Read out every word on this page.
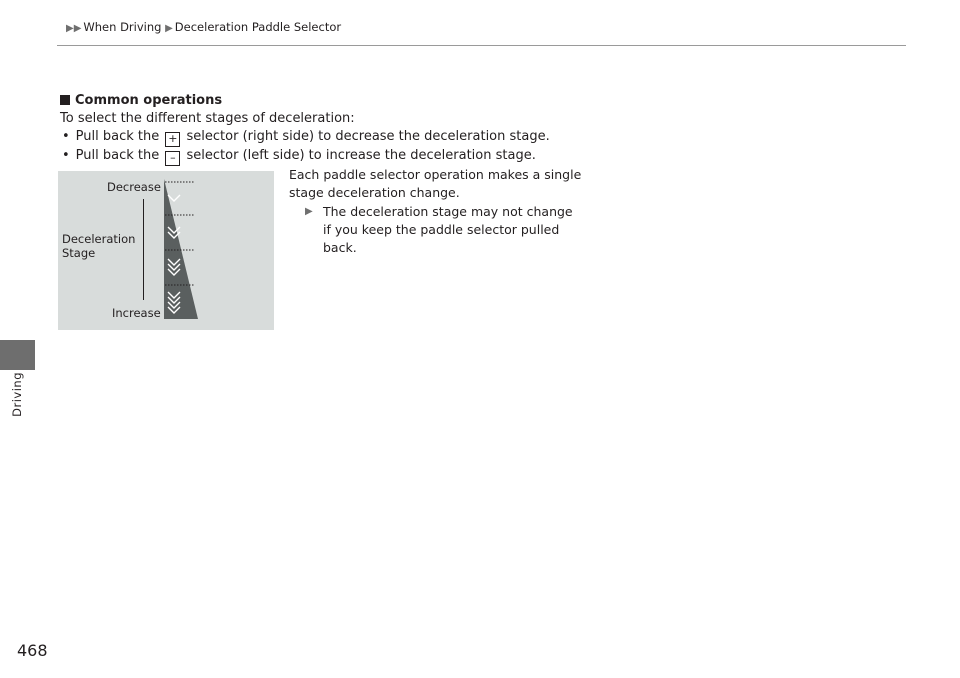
▶▶ When Driving ▶ Deceleration Paddle Selector
Driving
468
Common operations
To select the different stages of deceleration:
• Pull back the + selector (right side) to decrease the deceleration stage.
• Pull back the – selector (left side) to increase the deceleration stage.
Decrease
Deceleration Stage
Increase
Each paddle selector operation makes a single stage deceleration change.
▶ The deceleration stage may not change if you keep the paddle selector pulled back.
